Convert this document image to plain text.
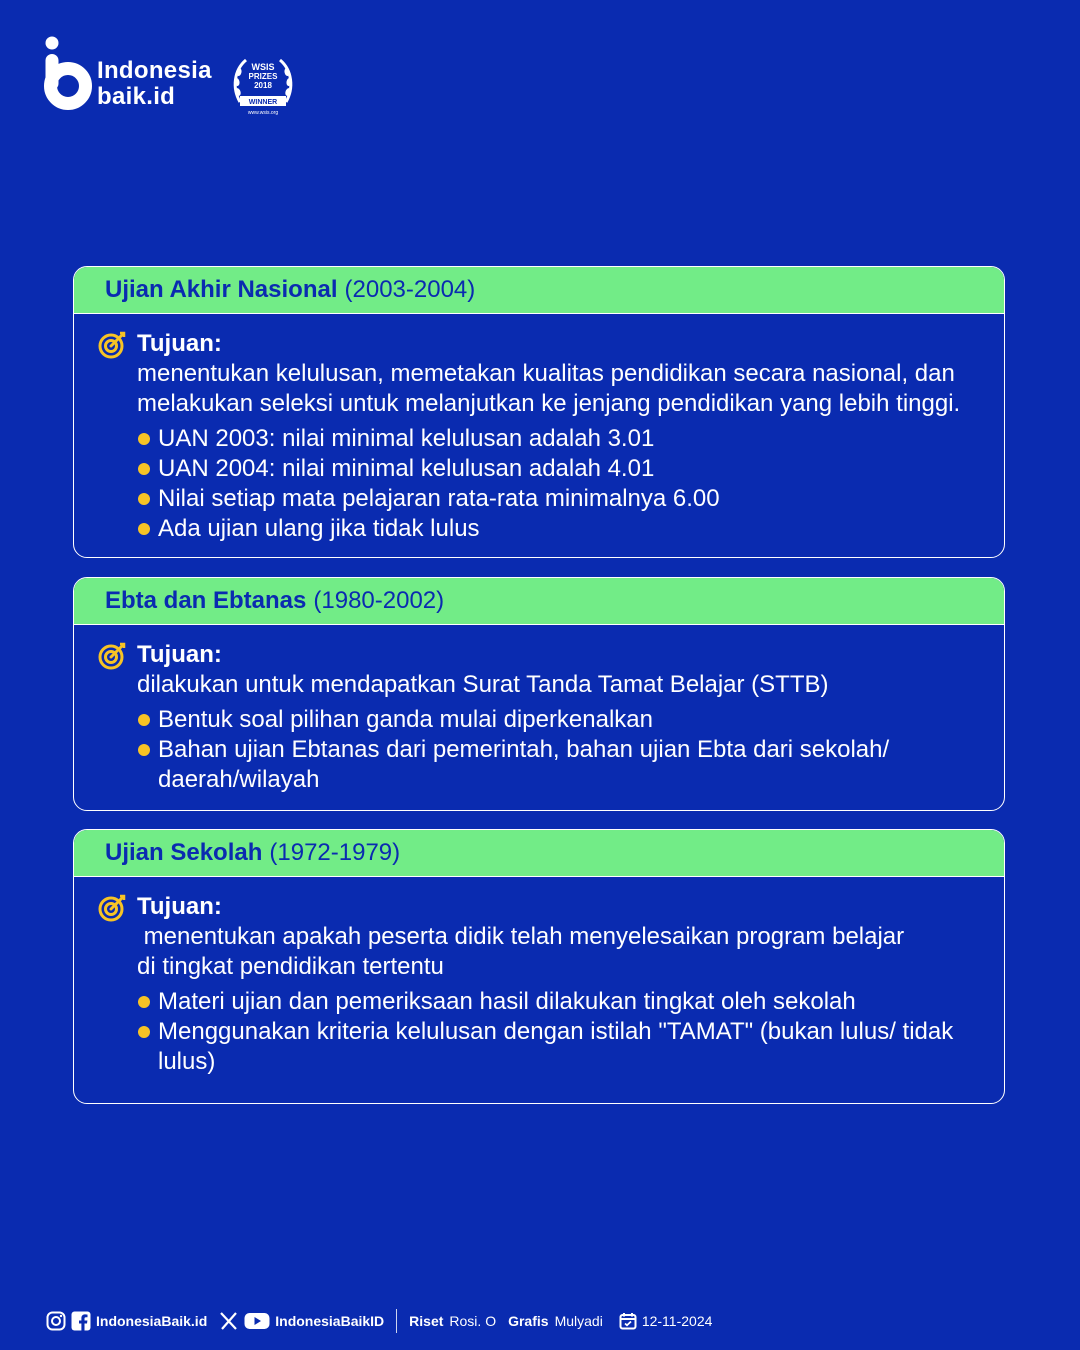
Indonesia
baik.id
WSIS
PRIZES
2018
WINNER
www.wsis.org
Ujian Akhir Nasional (2003-2004)
Tujuan:
menentukan kelulusan, memetakan kualitas pendidikan secara nasional, dan melakukan seleksi untuk melanjutkan ke jenjang pendidikan yang lebih tinggi.
UAN 2003: nilai minimal kelulusan adalah 3.01
UAN 2004: nilai minimal kelulusan adalah 4.01
Nilai setiap mata pelajaran rata-rata minimalnya 6.00
Ada ujian ulang jika tidak lulus
Ebta dan Ebtanas (1980-2002)
Tujuan:
dilakukan untuk mendapatkan Surat Tanda Tamat Belajar (STTB)
Bentuk soal pilihan ganda mulai diperkenalkan
Bahan ujian Ebtanas dari pemerintah, bahan ujian Ebta dari sekolah/ daerah/wilayah
Ujian Sekolah (1972-1979)
Tujuan:
menentukan apakah peserta didik telah menyelesaikan program belajar
di tingkat pendidikan tertentu
Materi ujian dan pemeriksaan hasil dilakukan tingkat oleh sekolah
Menggunakan kriteria kelulusan dengan istilah "TAMAT" (bukan lulus/ tidak lulus)
IndonesiaBaik.id	IndonesiaBaikID Riset Rosi. O Grafis Mulyadi	12-11-2024
